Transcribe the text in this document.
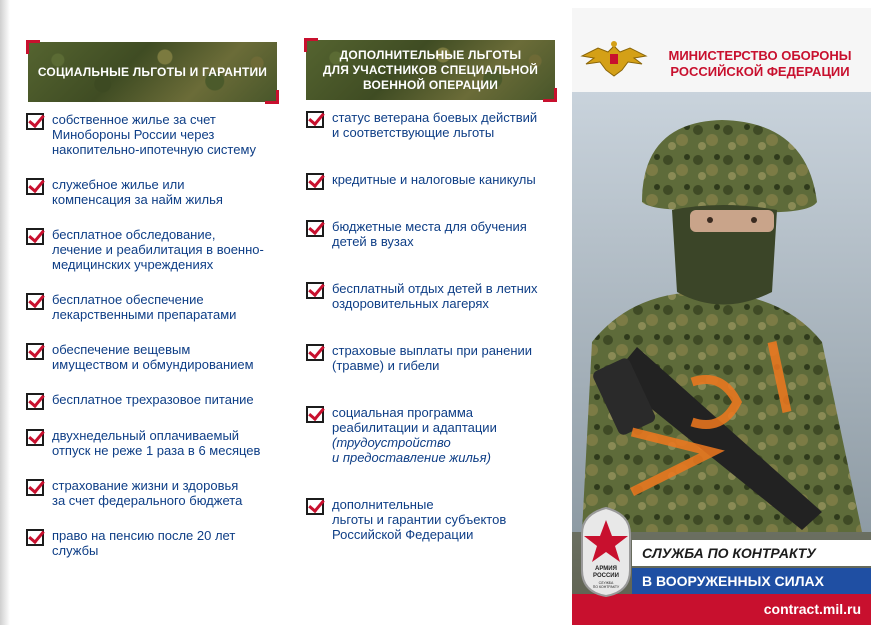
СОЦИАЛЬНЫЕ ЛЬГОТЫ И ГАРАНТИИ
собственное жилье за счет
Минобороны России через
накопительно-ипотечную систему
служебное жилье или
компенсация за найм жилья
бесплатное обследование,
лечение и реабилитация в военно-
медицинских учреждениях
бесплатное обеспечение
лекарственными препаратами
обеспечение вещевым
имуществом и обмундированием
бесплатное трехразовое питание
двухнедельный оплачиваемый
отпуск не реже 1 раза в 6 месяцев
страхование жизни и здоровья
за счет федерального бюджета
право на пенсию после 20 лет
службы
ДОПОЛНИТЕЛЬНЫЕ ЛЬГОТЫ
ДЛЯ УЧАСТНИКОВ СПЕЦИАЛЬНОЙ
ВОЕННОЙ ОПЕРАЦИИ
статус ветерана боевых действий
и соответствующие льготы
кредитные и налоговые каникулы
бюджетные места для обучения
детей в вузах
бесплатный отдых детей в летних
оздоровительных лагерях
страховые выплаты при ранении
(травме) и гибели
социальная программа
реабилитации и адаптации
(трудоустройство
и предоставление жилья)
дополнительные
льготы и гарантии субъектов
Российской Федерации
МИНИСТЕРСТВО ОБОРОНЫ
РОССИЙСКОЙ ФЕДЕРАЦИИ
АРМИЯ
РОССИИ
СЛУЖБА
ПО КОНТРАКТУ
СЛУЖБА ПО КОНТРАКТУ
В ВООРУЖЕННЫХ СИЛАХ
contract.mil.ru
